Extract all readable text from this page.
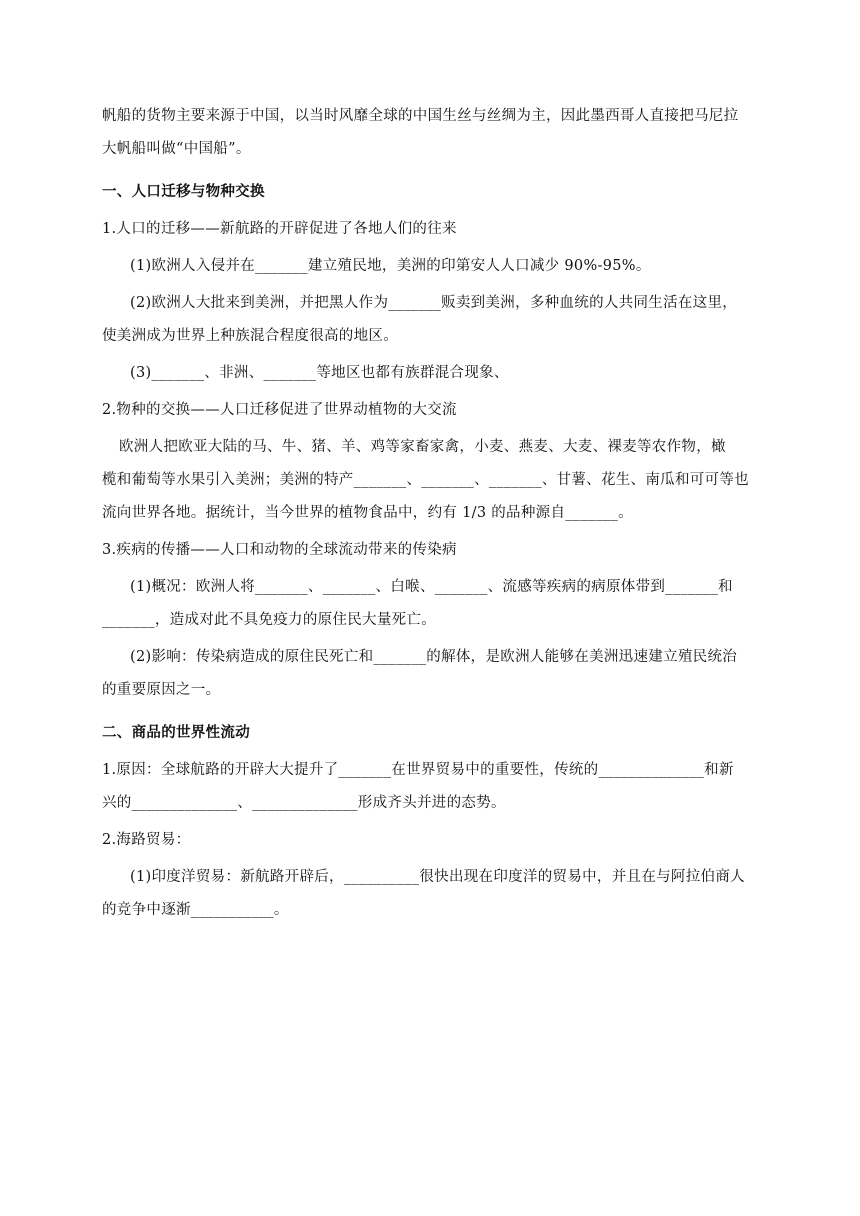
帆船的货物主要来源于中国，以当时风靡全球的中国生丝与丝绸为主，因此墨西哥人直接把马尼拉
大帆船叫做“中国船”。
一、人口迁移与物种交换
1.人口的迁移——新航路的开辟促进了各地人们的往来
(1)欧洲人入侵并在_______建立殖民地，美洲的印第安人人口减少 90%-95%。
(2)欧洲人大批来到美洲，并把黑人作为_______贩卖到美洲，多种血统的人共同生活在这里，
使美洲成为世界上种族混合程度很高的地区。
(3)_______、非洲、_______等地区也都有族群混合现象、
2.物种的交换——人口迁移促进了世界动植物的大交流
欧洲人把欧亚大陆的马、牛、猪、羊、鸡等家畜家禽，小麦、燕麦、大麦、裸麦等农作物，橄
榄和葡萄等水果引入美洲；美洲的特产_______、_______、_______、甘薯、花生、南瓜和可可等也
流向世界各地。据统计，当今世界的植物食品中，约有 1/3 的品种源自_______。
3.疾病的传播——人口和动物的全球流动带来的传染病
(1)概况：欧洲人将_______、_______、白喉、_______、流感等疾病的病原体带到_______和
_______，造成对此不具免疫力的原住民大量死亡。
(2)影响：传染病造成的原住民死亡和_______的解体，是欧洲人能够在美洲迅速建立殖民统治
的重要原因之一。
二、商品的世界性流动
1.原因：全球航路的开辟大大提升了_______在世界贸易中的重要性，传统的______________和新
兴的______________、______________形成齐头并进的态势。
2.海路贸易：
(1)印度洋贸易：新航路开辟后，__________很快出现在印度洋的贸易中，并且在与阿拉伯商人
的竞争中逐渐___________。
